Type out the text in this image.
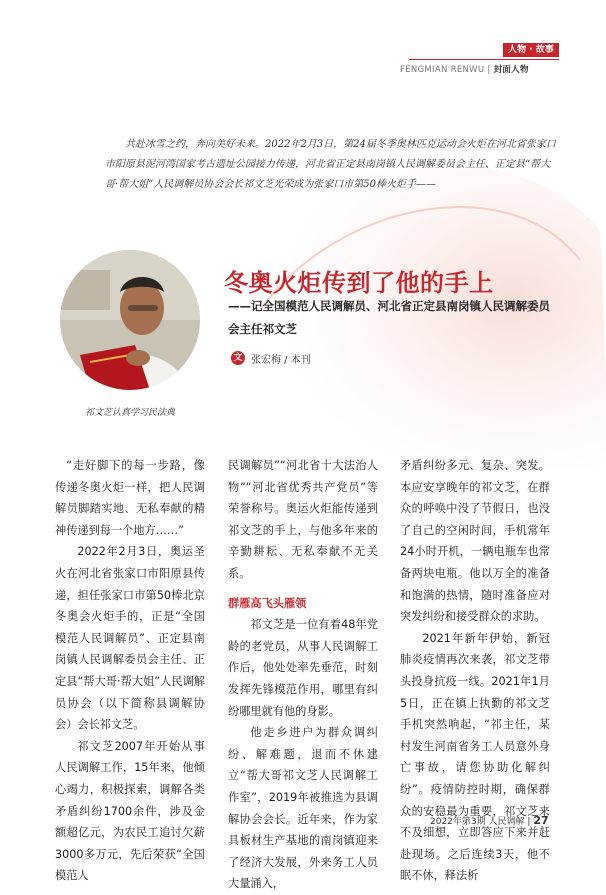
人物 · 故事
FENGMIAN RENWU | 封面人物

共赴冰雪之约，奔向美好未来。2022年2月3日，第24届冬季奥林匹克运动会火炬在河北省张家口市阳原县泥河湾国家考古遗址公园接力传递，河北省正定县南岗镇人民调解委员会主任、正定县“帮大哥·帮大姐”人民调解员协会会长祁文芝光荣成为张家口市第50棒火炬手——

祁文芝认真学习民法典
冬奥火炬传到了他的手上

——记全国模范人民调解员、河北省正定县南岗镇人民调解委员会主任祁文芝

文 张宏梅 / 本刊

“走好脚下的每一步路，像传递冬奥火炬一样，把人民调解员脚踏实地、无私奉献的精神传递到每一个地方……”

2022年2月3日，奥运圣火在河北省张家口市阳原县传递，担任张家口市第50棒北京冬奥会火炬手的，正是“全国模范人民调解员”、正定县南岗镇人民调解委员会主任、正定县“帮大哥·帮大姐”人民调解员协会（以下简称县调解协会）会长祁文芝。

祁文芝2007年开始从事人民调解工作，15年来，他倾心竭力，积极探索，调解各类矛盾纠纷1700余件，涉及金额超亿元，为农民工追讨欠薪3000多万元，先后荣获“全国模范人

民调解员”“河北省十大法治人物”“河北省优秀共产党员”等荣誉称号。奥运火炬能传递到祁文芝的手上，与他多年来的辛勤耕耘、无私奉献不无关系。

群雁高飞头雁领

祁文芝是一位有着48年党龄的老党员，从事人民调解工作后，他处处率先垂范，时刻发挥先锋模范作用，哪里有纠纷哪里就有他的身影。

他走乡进户为群众调纠纷、解难题，退而不休建立“帮大哥祁文芝人民调解工作室”，2019年被推选为县调解协会会长。近年来，作为家具板材生产基地的南岗镇迎来了经济大发展，外来务工人员大量涌入，

矛盾纠纷多元、复杂、突发。本应安享晚年的祁文芝，在群众的呼唤中没了节假日，也没了自己的空闲时间，手机常年24小时开机，一辆电瓶车也常备两块电瓶。他以万全的准备和饱满的热情，随时准备应对突发纠纷和接受群众的求助。

2021年新年伊始，新冠肺炎疫情再次来袭，祁文芝带头投身抗疫一线。2021年1月5日，正在镇上执勤的祁文芝手机突然响起，“祁主任，某村发生河南省务工人员意外身亡事故，请您协助化解纠纷”。疫情防控时期，确保群众的安稳最为重要，祁文芝来不及细想，立即答应下来并赶赴现场。之后连续3天，他不眠不休，释法析

2022年第3期 人民调解 | 27
